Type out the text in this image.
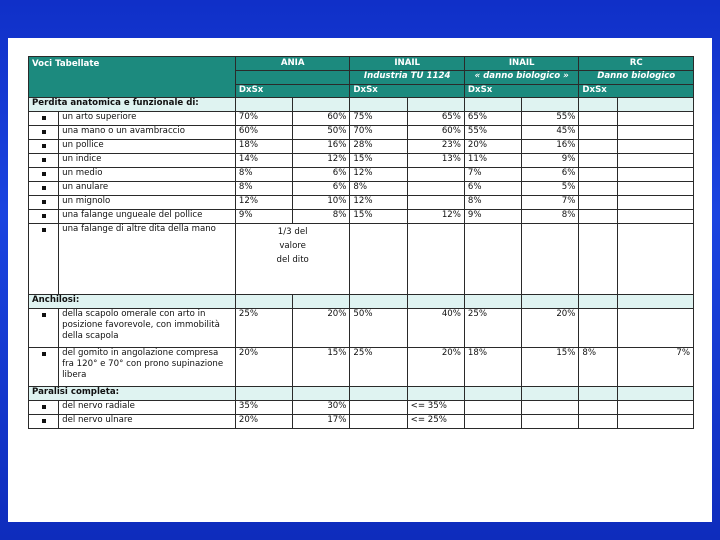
Voci Tabellate		ANIA		INAIL		INAIL		RC	
				Industria TU 1124		« danno biologico »		Danno biologico	
		DxSx		DxSx		DxSx		DxSx	
Perdita anatomica e funzionale di:									
	un arto superiore	70%	60%	75%	65%	65%	55%		
	una mano o un avambraccio	60%	50%	70%	60%	55%	45%		
	un pollice	18%	16%	28%	23%	20%	16%		
	un indice	14%	12%	15%	13%	11%	9%		
	un medio	8%	6%	12%		7%	6%		
	un anulare	8%	6%	8%		6%	5%		
	un mignolo	12%	10%	12%		8%	7%		
	una falange ungueale del pollice	9%	8%	15%	12%	9%	8%		
	una falange di altre dita della mano	1/3 del valore del dito							

Anchilosi:									
	della scapolo omerale con arto in posizione favorevole, con immobilità della scapola	25%	20%	50%	40%	25%	20%		
	del gomito in angolazione compresa fra 120° e 70° con prono supinazione libera	20%	15%	25%	20%	18%	15%	8%	7%
Paralisi completa:									
	del nervo radiale	35%	30%		<= 35%				
	del nervo ulnare	20%	17%		<= 25%				
